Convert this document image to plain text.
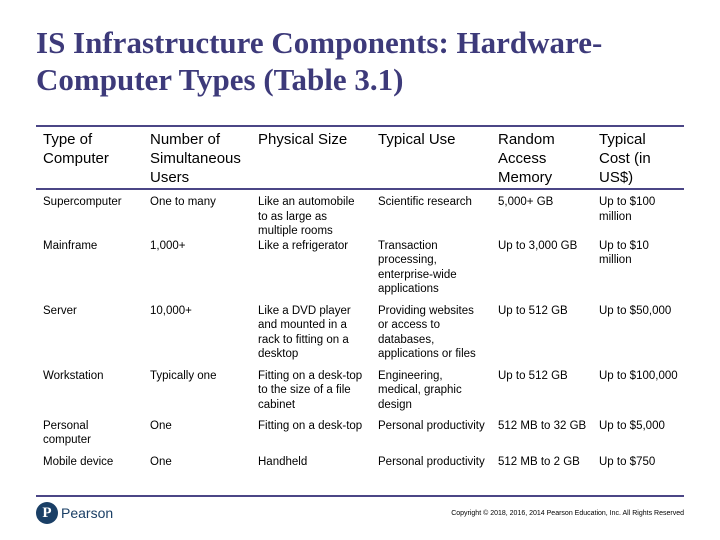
IS Infrastructure Components: Hardware-Computer Types (Table 3.1)
Type of Computer	Number of Simultaneous Users	Physical Size	Typical Use	Random Access Memory	Typical Cost (in US$)
Supercomputer	One to many	Like an automobile to as large as multiple rooms	Scientific research	5,000+ GB	Up to $100 million
Mainframe	1,000+	Like a refrigerator	Transaction processing, enterprise-wide applications	Up to 3,000 GB	Up to $10 million
Server	10,000+	Like a DVD player and mounted in a rack to fitting on a desktop	Providing websites or access to databases, applications or files	Up to 512 GB	Up to $50,000
Workstation	Typically one	Fitting on a desk-top to the size of a file cabinet	Engineering, medical, graphic design	Up to 512 GB	Up to $100,000
Personal computer	One	Fitting on a desk-top	Personal productivity	512 MB to 32 GB	Up to $5,000
Mobile device	One	Handheld	Personal productivity	512 MB to 2 GB	Up to $750
P Pearson	Copyright © 2018, 2016, 2014 Pearson Education, Inc. All Rights Reserved
